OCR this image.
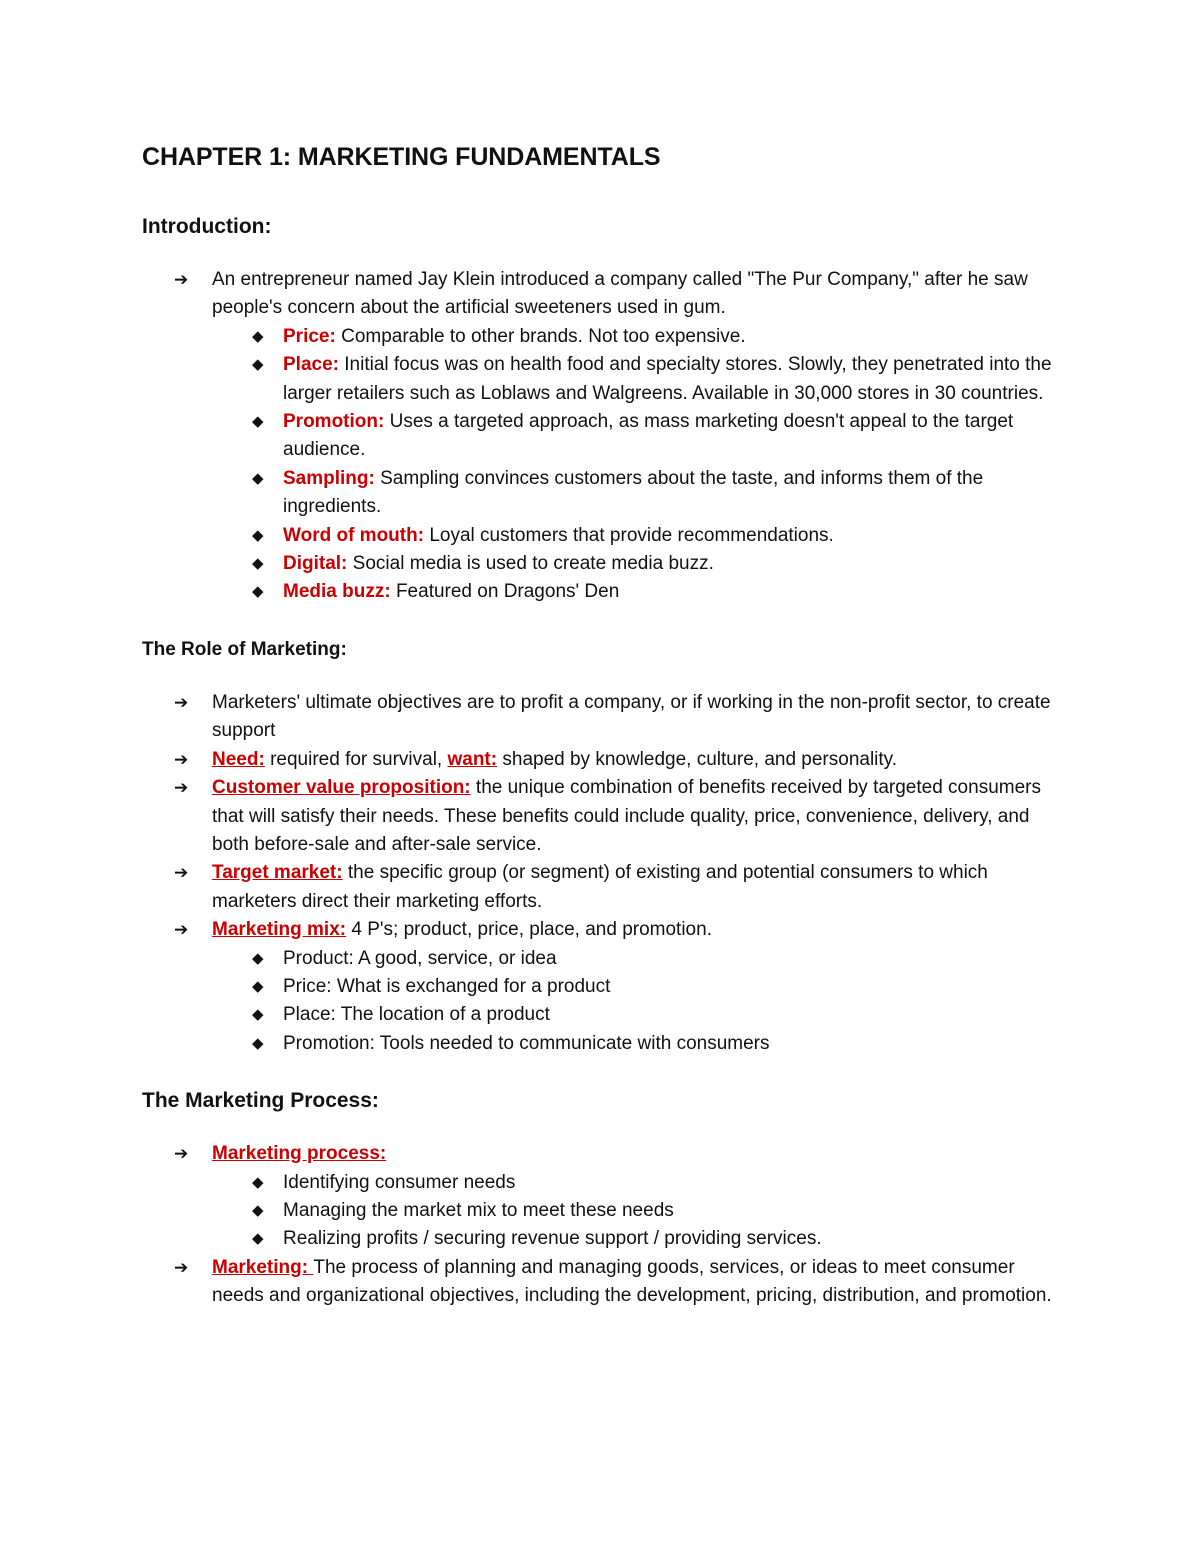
CHAPTER 1: MARKETING FUNDAMENTALS
Introduction:
➔	An entrepreneur named Jay Klein introduced a company called "The Pur Company," after he saw people's concern about the artificial sweeteners used in gum.
◆ Price: Comparable to other brands. Not too expensive.
◆ Place: Initial focus was on health food and specialty stores. Slowly, they penetrated into the larger retailers such as Loblaws and Walgreens. Available in 30,000 stores in 30 countries.
◆ Promotion: Uses a targeted approach, as mass marketing doesn't appeal to the target audience.
◆ Sampling: Sampling convinces customers about the taste, and informs them of the ingredients.
◆ Word of mouth: Loyal customers that provide recommendations.
◆ Digital: Social media is used to create media buzz.
◆ Media buzz: Featured on Dragons' Den
The Role of Marketing:
➔	Marketers' ultimate objectives are to profit a company, or if working in the non-profit sector, to create support
➔	Need: required for survival, want: shaped by knowledge, culture, and personality.
➔	Customer value proposition: the unique combination of benefits received by targeted consumers that will satisfy their needs. These benefits could include quality, price, convenience, delivery, and both before-sale and after-sale service.
➔	Target market: the specific group (or segment) of existing and potential consumers to which marketers direct their marketing efforts.
➔	Marketing mix: 4 P's; product, price, place, and promotion.
◆ Product: A good, service, or idea
◆ Price: What is exchanged for a product
◆ Place: The location of a product
◆ Promotion: Tools needed to communicate with consumers
The Marketing Process:
➔	Marketing process:
◆ Identifying consumer needs
◆ Managing the market mix to meet these needs
◆ Realizing profits / securing revenue support / providing services.
➔	Marketing: The process of planning and managing goods, services, or ideas to meet consumer needs and organizational objectives, including the development, pricing, distribution, and promotion.
